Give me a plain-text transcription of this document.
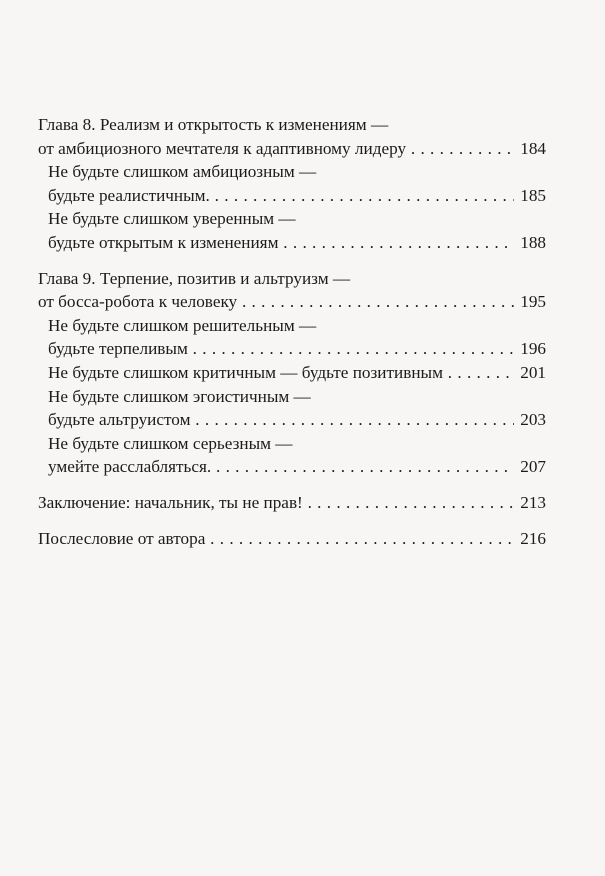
Глава 8. Реализм и открытость к изменениям —
от амбициозного мечтателя к адаптивному лидеру . . .	184
Не будьте слишком амбициозным —
будьте реалистичным. . . .	185
Не будьте слишком уверенным —
будьте открытым к изменениям . . .	188
Глава 9. Терпение, позитив и альтруизм —
от босса-робота к человеку . . .	195
Не будьте слишком решительным —
будьте терпеливым . . .	196
Не будьте слишком критичным — будьте позитивным . . .	201
Не будьте слишком эгоистичным —
будьте альтруистом . . .	203
Не будьте слишком серьезным —
умейте расслабляться. . . .	207
Заключение: начальник, ты не прав! . . .	213
Послесловие от автора . . .	216
